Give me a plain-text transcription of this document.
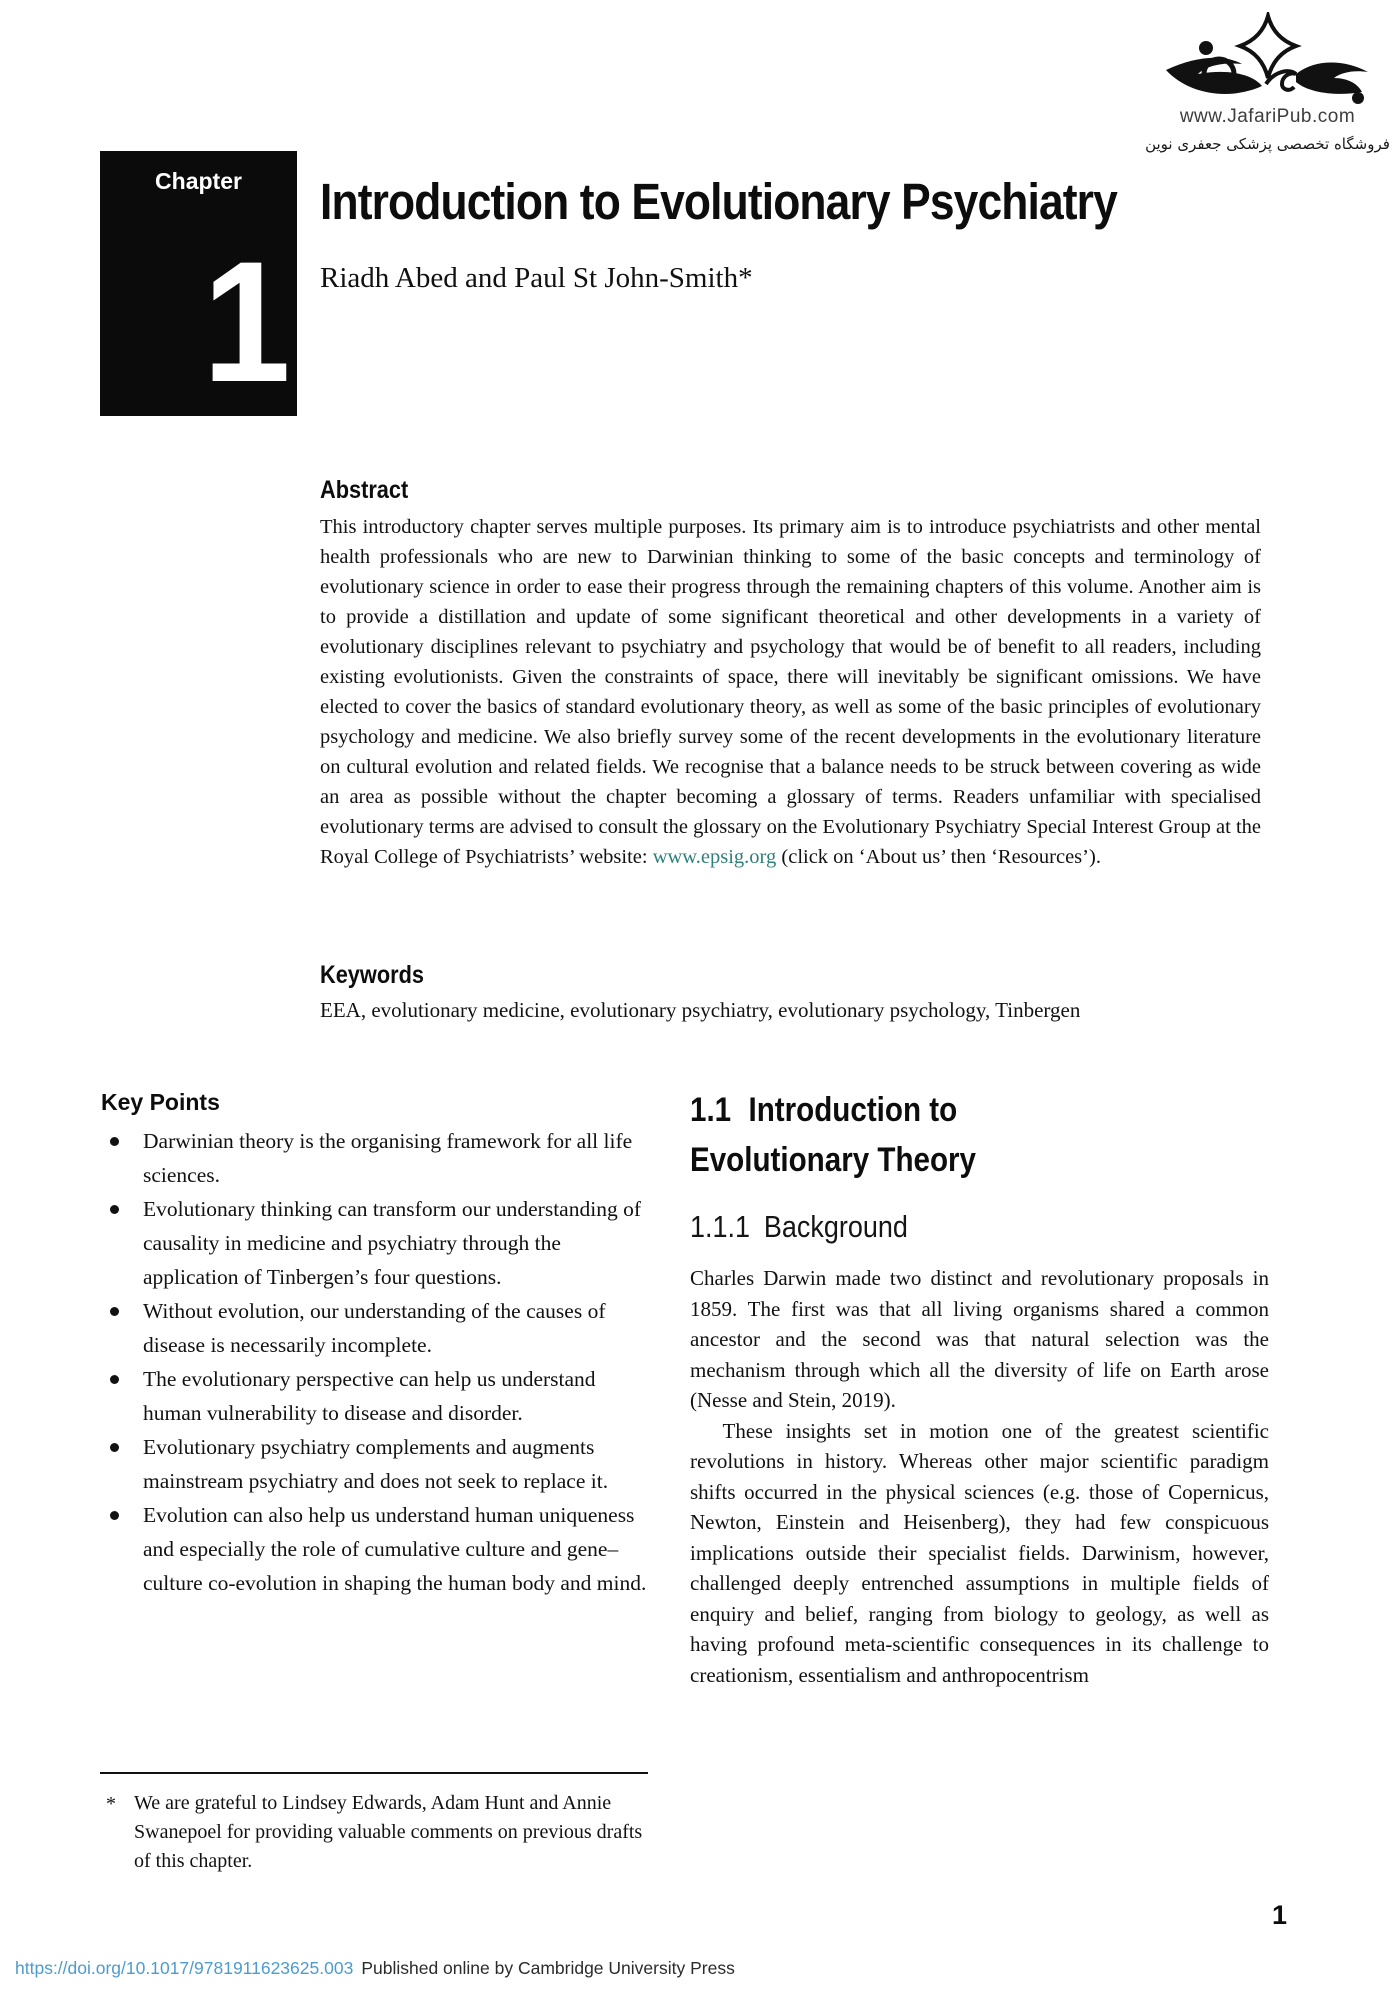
www.JafariPub.com
فروشگاه تخصصی پزشکی جعفری نوین
Chapter
1
Introduction to Evolutionary Psychiatry
Riadh Abed and Paul St John-Smith*
Abstract

This introductory chapter serves multiple purposes. Its primary aim is to introduce psychiatrists and other mental health professionals who are new to Darwinian thinking to some of the basic concepts and terminology of evolutionary science in order to ease their progress through the remaining chapters of this volume. Another aim is to provide a distillation and update of some significant theoretical and other developments in a variety of evolutionary disciplines relevant to psychiatry and psychology that would be of benefit to all readers, including existing evolutionists. Given the constraints of space, there will inevitably be significant omissions. We have elected to cover the basics of standard evolutionary theory, as well as some of the basic principles of evolutionary psychology and medicine. We also briefly survey some of the recent developments in the evolutionary literature on cultural evolution and related fields. We recognise that a balance needs to be struck between covering as wide an area as possible without the chapter becoming a glossary of terms. Readers unfamiliar with specialised evolutionary terms are advised to consult the glossary on the Evolutionary Psychiatry Special Interest Group at the Royal College of Psychiatrists’ website: www.epsig.org (click on ‘About us’ then ‘Resources’).

Keywords

EEA, evolutionary medicine, evolutionary psychiatry, evolutionary psychology, Tinbergen

Key Points
Darwinian theory is the organising framework for all life sciences.
Evolutionary thinking can transform our understanding of causality in medicine and psychiatry through the application of Tinbergen’s four questions.
Without evolution, our understanding of the causes of disease is necessarily incomplete.
The evolutionary perspective can help us understand human vulnerability to disease and disorder.
Evolutionary psychiatry complements and augments mainstream psychiatry and does not seek to replace it.
Evolution can also help us understand human uniqueness and especially the role of cumulative culture and gene–culture co-evolution in shaping the human body and mind.
* We are grateful to Lindsey Edwards, Adam Hunt and Annie Swanepoel for providing valuable comments on previous drafts of this chapter.
1.1 Introduction to
Evolutionary Theory
1.1.1 Background

Charles Darwin made two distinct and revolutionary proposals in 1859. The first was that all living organisms shared a common ancestor and the second was that natural selection was the mechanism through which all the diversity of life on Earth arose (Nesse and Stein, 2019).

These insights set in motion one of the greatest scientific revolutions in history. Whereas other major scientific paradigm shifts occurred in the physical sciences (e.g. those of Copernicus, Newton, Einstein and Heisenberg), they had few conspicuous implications outside their specialist fields. Darwinism, however, challenged deeply entrenched assumptions in multiple fields of enquiry and belief, ranging from biology to geology, as well as having profound meta-scientific consequences in its challenge to creationism, essentialism and anthropocentrism

1
https://doi.org/10.1017/9781911623625.003 Published online by Cambridge University Press
